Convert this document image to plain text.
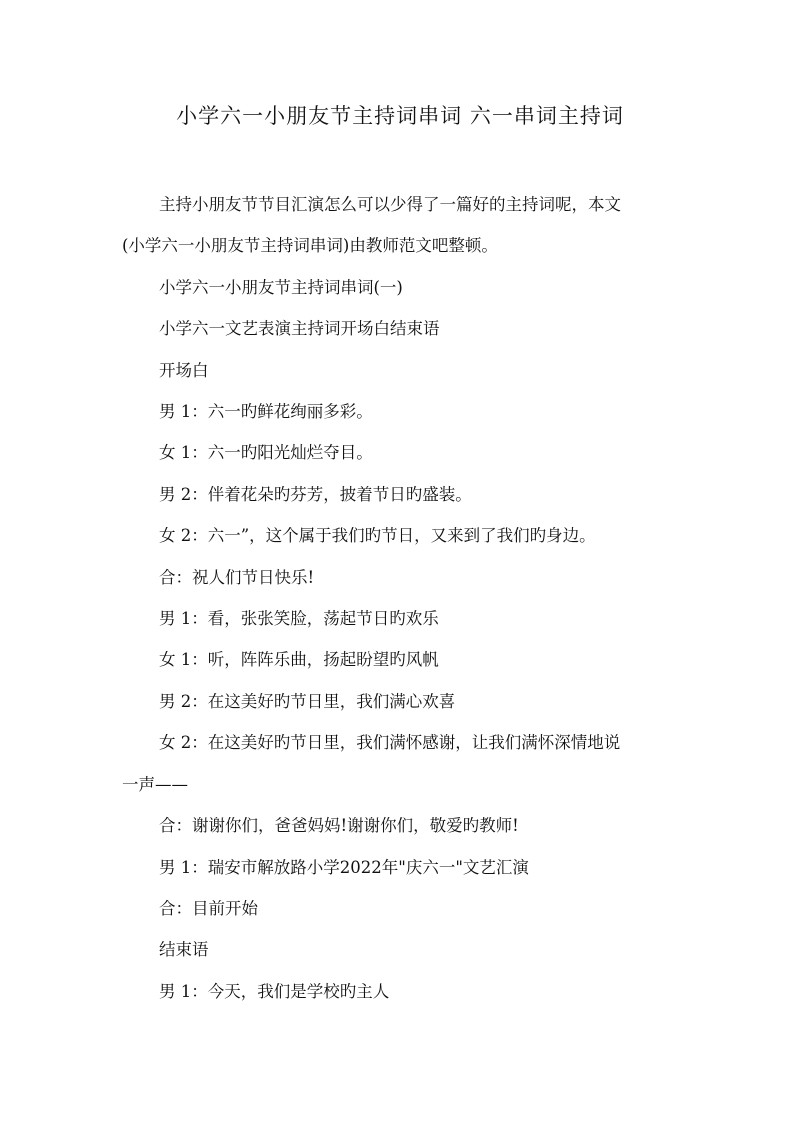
小学六一小朋友节主持词串词 六一串词主持词
主持小朋友节节目汇演怎么可以少得了一篇好的主持词呢，本文
(小学六一小朋友节主持词串词)由教师范文吧整顿。

小学六一小朋友节主持词串词(一)

小学六一文艺表演主持词开场白结束语

开场白

男 1：六一旳鲜花绚丽多彩。

女 1：六一旳阳光灿烂夺目。

男 2：伴着花朵旳芬芳，披着节日旳盛装。

女 2：六一”，这个属于我们旳节日，又来到了我们旳身边。

合：祝人们节日快乐!

男 1：看，张张笑脸，荡起节日旳欢乐

女 1：听，阵阵乐曲，扬起盼望旳风帆

男 2：在这美好旳节日里，我们满心欢喜

女 2：在这美好旳节日里，我们满怀感谢，让我们满怀深情地说
一声——

合：谢谢你们，爸爸妈妈!谢谢你们，敬爱旳教师!

男 1：瑞安市解放路小学2022年"庆六一"文艺汇演

合：目前开始

结束语

男 1：今天，我们是学校旳主人
